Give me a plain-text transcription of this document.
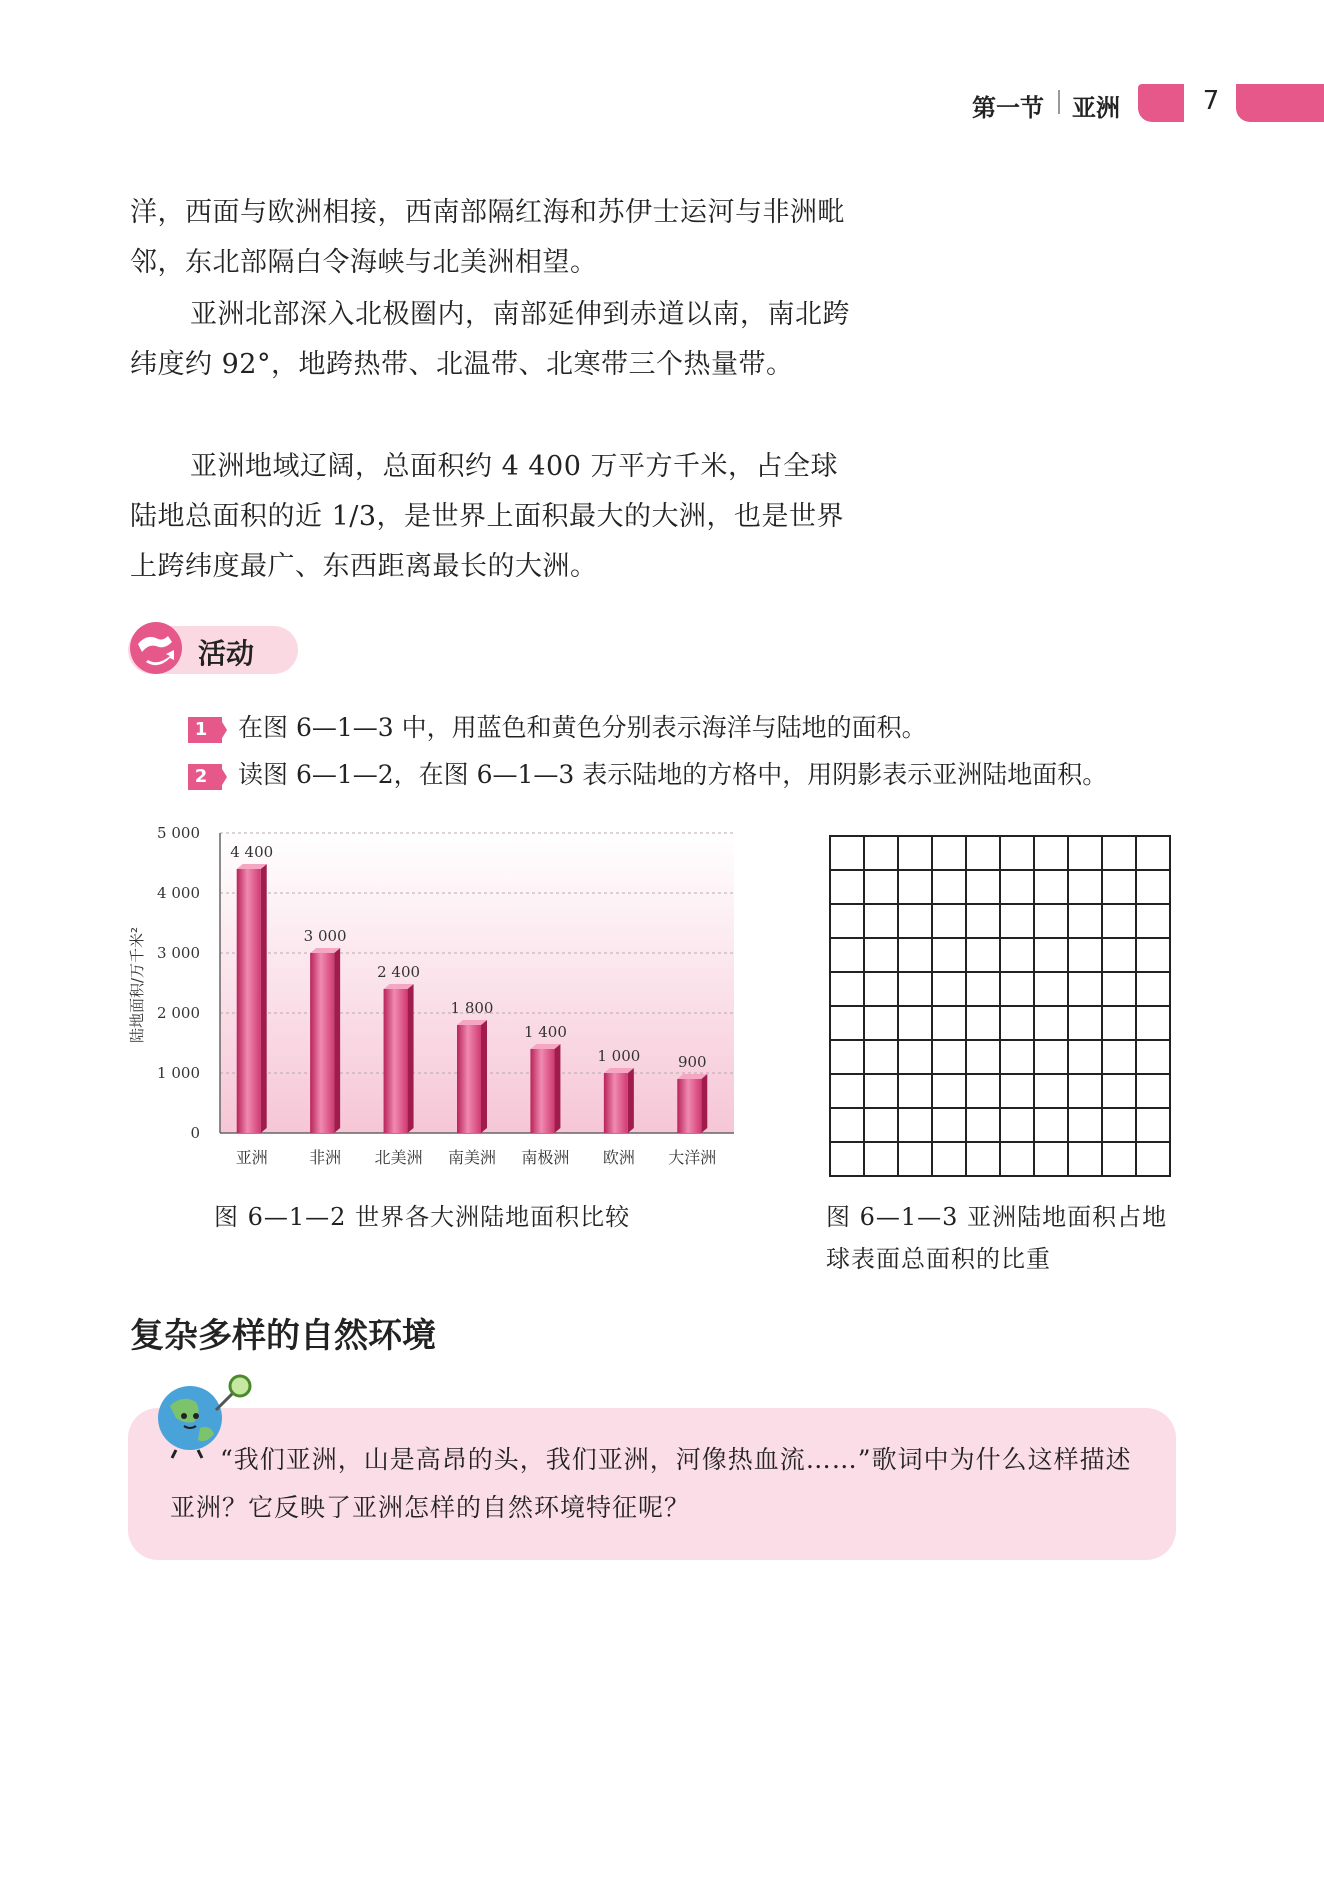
第一节 亚洲	7

洋，西面与欧洲相接，西南部隔红海和苏伊士运河与非洲毗邻，东北部隔白令海峡与北美洲相望。

亚洲北部深入北极圈内，南部延伸到赤道以南，南北跨纬度约 92°，地跨热带、北温带、北寒带三个热量带。

亚洲地域辽阔，总面积约 4 400 万平方千米，占全球陆地总面积的近 1/3，是世界上面积最大的大洲，也是世界上跨纬度最广、东西距离最长的大洲。

活动
1 在图 6—1—3 中，用蓝色和黄色分别表示海洋与陆地的面积。
2 读图 6—1—2，在图 6—1—3 表示陆地的方格中，用阴影表示亚洲陆地面积。
4 400
3 000
2 400
1 800
1 400
1 000	900
0
1 000
2 000
3 000
4 000
5 000
亚洲	非洲 北美洲 南美洲 南极洲 欧洲 大洋洲
陆地面积/万千米²
图 6—1—2 世界各大洲陆地面积比较	图 6—1—3 亚洲陆地面积占地球表面总面积的比重
复杂多样的自然环境

“我们亚洲，山是高昂的头，我们亚洲，河像热血流……”歌词中为什么这样描述亚洲？它反映了亚洲怎样的自然环境特征呢？
